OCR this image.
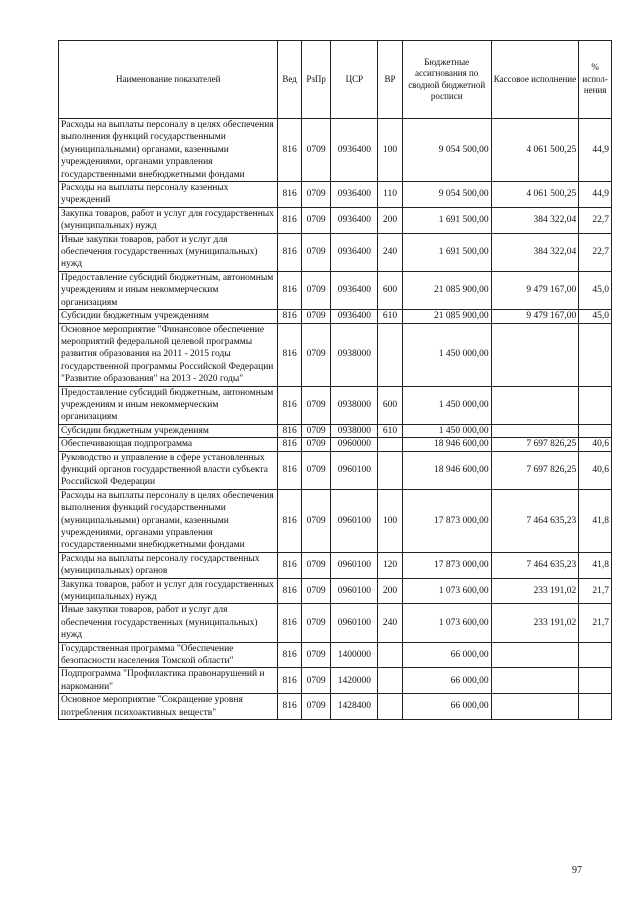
Наименование показателей	Вед	РзПр	ЦСР	ВР	Бюджетные ассигнования по сводной бюджетной росписи	Кассовое исполнение	% испол-нения
Расходы на выплаты персоналу в целях обеспечения выполнения функций государственными (муниципальными) органами, казенными учреждениями, органами управления государственными внебюджетными фондами	816	0709	0936400	100	9 054 500,00	4 061 500,25	44,9
Расходы на выплаты персоналу казенных учреждений	816	0709	0936400	110	9 054 500,00	4 061 500,25	44,9
Закупка товаров, работ и услуг для государственных (муниципальных) нужд	816	0709	0936400	200	1 691 500,00	384 322,04	22,7
Иные закупки товаров, работ и услуг для обеспечения государственных (муниципальных) нужд	816	0709	0936400	240	1 691 500,00	384 322,04	22,7
Предоставление субсидий бюджетным, автономным учреждениям и иным некоммерческим организациям	816	0709	0936400	600	21 085 900,00	9 479 167,00	45,0
Субсидии бюджетным учреждениям	816	0709	0936400	610	21 085 900,00	9 479 167,00	45,0
Основное мероприятие "Финансовое обеспечение мероприятий федеральной целевой программы развития образования на 2011 - 2015 годы государственной программы Российской Федерации "Развитие образования" на 2013 - 2020 годы"	816	0709	0938000		1 450 000,00		
Предоставление субсидий бюджетным, автономным учреждениям и иным некоммерческим организациям	816	0709	0938000	600	1 450 000,00		
Субсидии бюджетным учреждениям	816	0709	0938000	610	1 450 000,00		
Обеспечивающая подпрограмма	816	0709	0960000		18 946 600,00	7 697 826,25	40,6
Руководство и управление в сфере установленных функций органов государственной власти субъекта Российской Федерации	816	0709	0960100		18 946 600,00	7 697 826,25	40,6
Расходы на выплаты персоналу в целях обеспечения выполнения функций государственными (муниципальными) органами, казенными учреждениями, органами управления государственными внебюджетными фондами	816	0709	0960100	100	17 873 000,00	7 464 635,23	41,8
Расходы на выплаты персоналу государственных (муниципальных) органов	816	0709	0960100	120	17 873 000,00	7 464 635,23	41,8
Закупка товаров, работ и услуг для государственных (муниципальных) нужд	816	0709	0960100	200	1 073 600,00	233 191,02	21,7
Иные закупки товаров, работ и услуг для обеспечения государственных (муниципальных) нужд	816	0709	0960100	240	1 073 600,00	233 191,02	21,7
Государственная программа "Обеспечение безопасности населения Томской области"	816	0709	1400000		66 000,00		
Подпрограмма "Профилактика правонарушений и наркомании"	816	0709	1420000		66 000,00		
Основное мероприятие "Сокращение уровня потребления психоактивных веществ"	816	0709	1428400		66 000,00		
97
